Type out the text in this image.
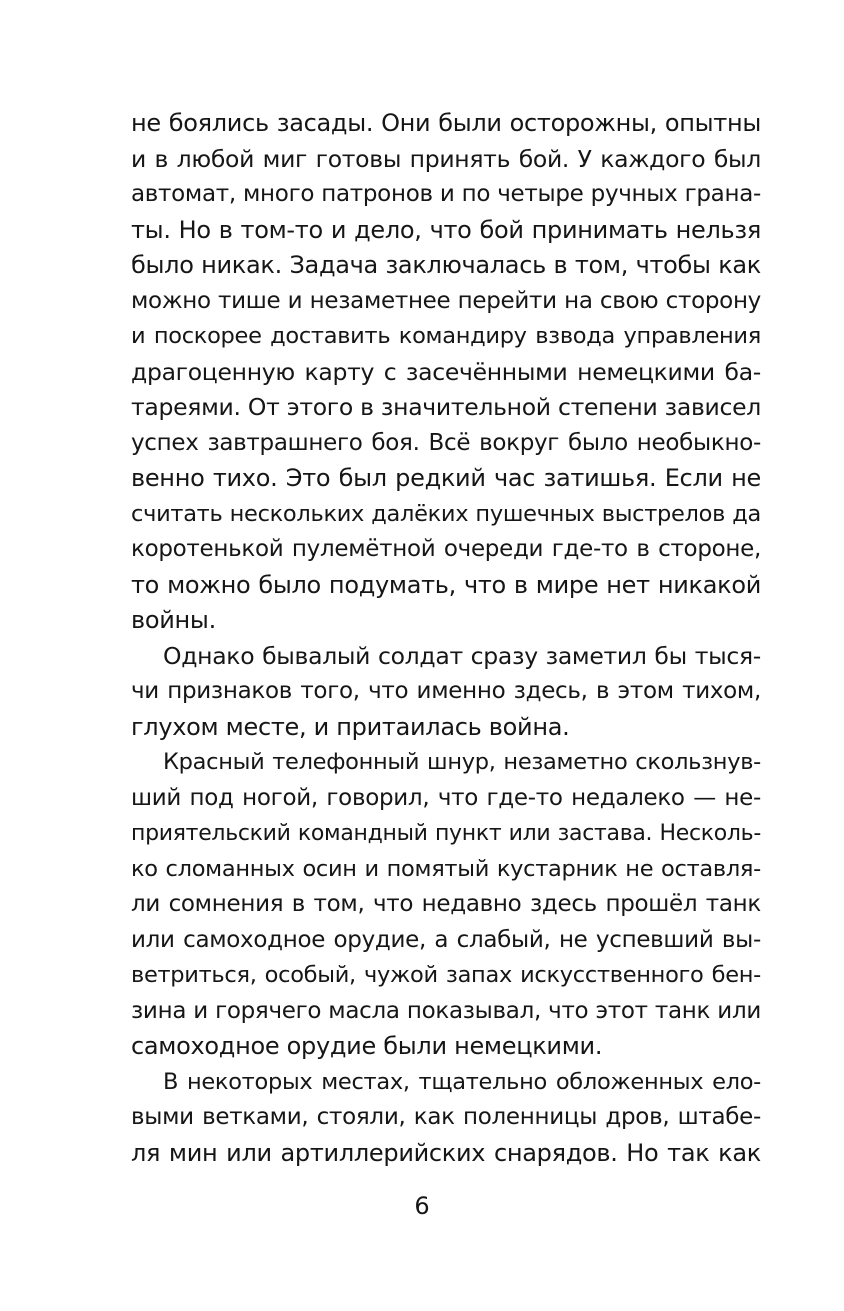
не боялись засады. Они были осторожны, опытны
и в любой миг готовы принять бой. У каждого был
автомат, много патронов и по четыре ручных грана-
ты. Но в том-то и дело, что бой принимать нельзя
было никак. Задача заключалась в том, чтобы как
можно тише и незаметнее перейти на свою сторону
и поскорее доставить командиру взвода управления
драгоценную карту с засечёнными немецкими ба-
тареями. От этого в значительной степени зависел
успех завтрашнего боя. Всё вокруг было необыкно-
венно тихо. Это был редкий час затишья. Если не
считать нескольких далёких пушечных выстрелов да
коротенькой пулемётной очереди где-то в стороне,
то можно было подумать, что в мире нет никакой
войны.
Однако бывалый солдат сразу заметил бы тыся-
чи признаков того, что именно здесь, в этом тихом,
глухом месте, и притаилась война.
Красный телефонный шнур, незаметно скользнув-
ший под ногой, говорил, что где-то недалеко — не-
приятельский командный пункт или застава. Несколь-
ко сломанных осин и помятый кустарник не оставля-
ли сомнения в том, что недавно здесь прошёл танк
или самоходное орудие, а слабый, не успевший вы-
ветриться, особый, чужой запах искусственного бен-
зина и горячего масла показывал, что этот танк или
самоходное орудие были немецкими.
В некоторых местах, тщательно обложенных ело-
выми ветками, стояли, как поленницы дров, штабе-
ля мин или артиллерийских снарядов. Но так как
6
